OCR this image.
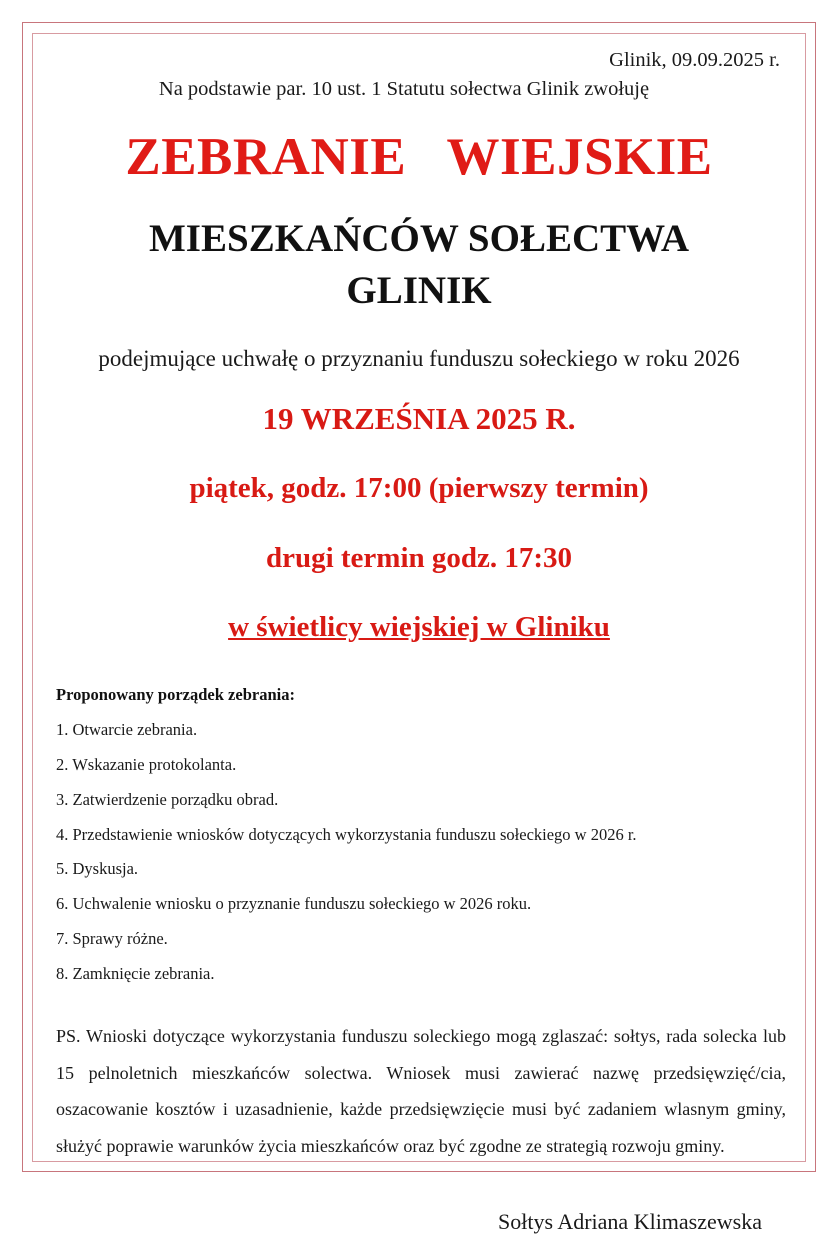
Glinik, 09.09.2025 r.
Na podstawie par. 10 ust. 1 Statutu sołectwa Glinik zwołuję
ZEBRANIE   WIEJSKIE
MIESZKAŃCÓW SOŁECTWA
GLINIK
podejmujące uchwałę o przyznaniu funduszu sołeckiego w roku 2026
19 WRZEŚNIA 2025 R.
piątek, godz. 17:00 (pierwszy termin)
drugi termin godz. 17:30
w świetlicy wiejskiej w Gliniku
Proponowany porządek zebrania:
1. Otwarcie zebrania.
2. Wskazanie protokolanta.
3. Zatwierdzenie porządku obrad.
4. Przedstawienie wniosków dotyczących wykorzystania funduszu sołeckiego w 2026 r.
5. Dyskusja.
6. Uchwalenie wniosku o przyznanie funduszu sołeckiego w 2026 roku.
7. Sprawy różne.
8. Zamknięcie zebrania.
PS. Wnioski dotyczące wykorzystania funduszu soleckiego mogą zglaszać: sołtys, rada solecka lub 15 pelnoletnich mieszkańców solectwa. Wniosek musi zawierać nazwę przedsięwzięć/cia, oszacowanie kosztów i uzasadnienie, każde przedsięwzięcie musi być zadaniem wlasnym gminy, służyć poprawie warunków życia mieszkańców oraz być zgodne ze strategią rozwoju gminy.
Sołtys Adriana Klimaszewska
